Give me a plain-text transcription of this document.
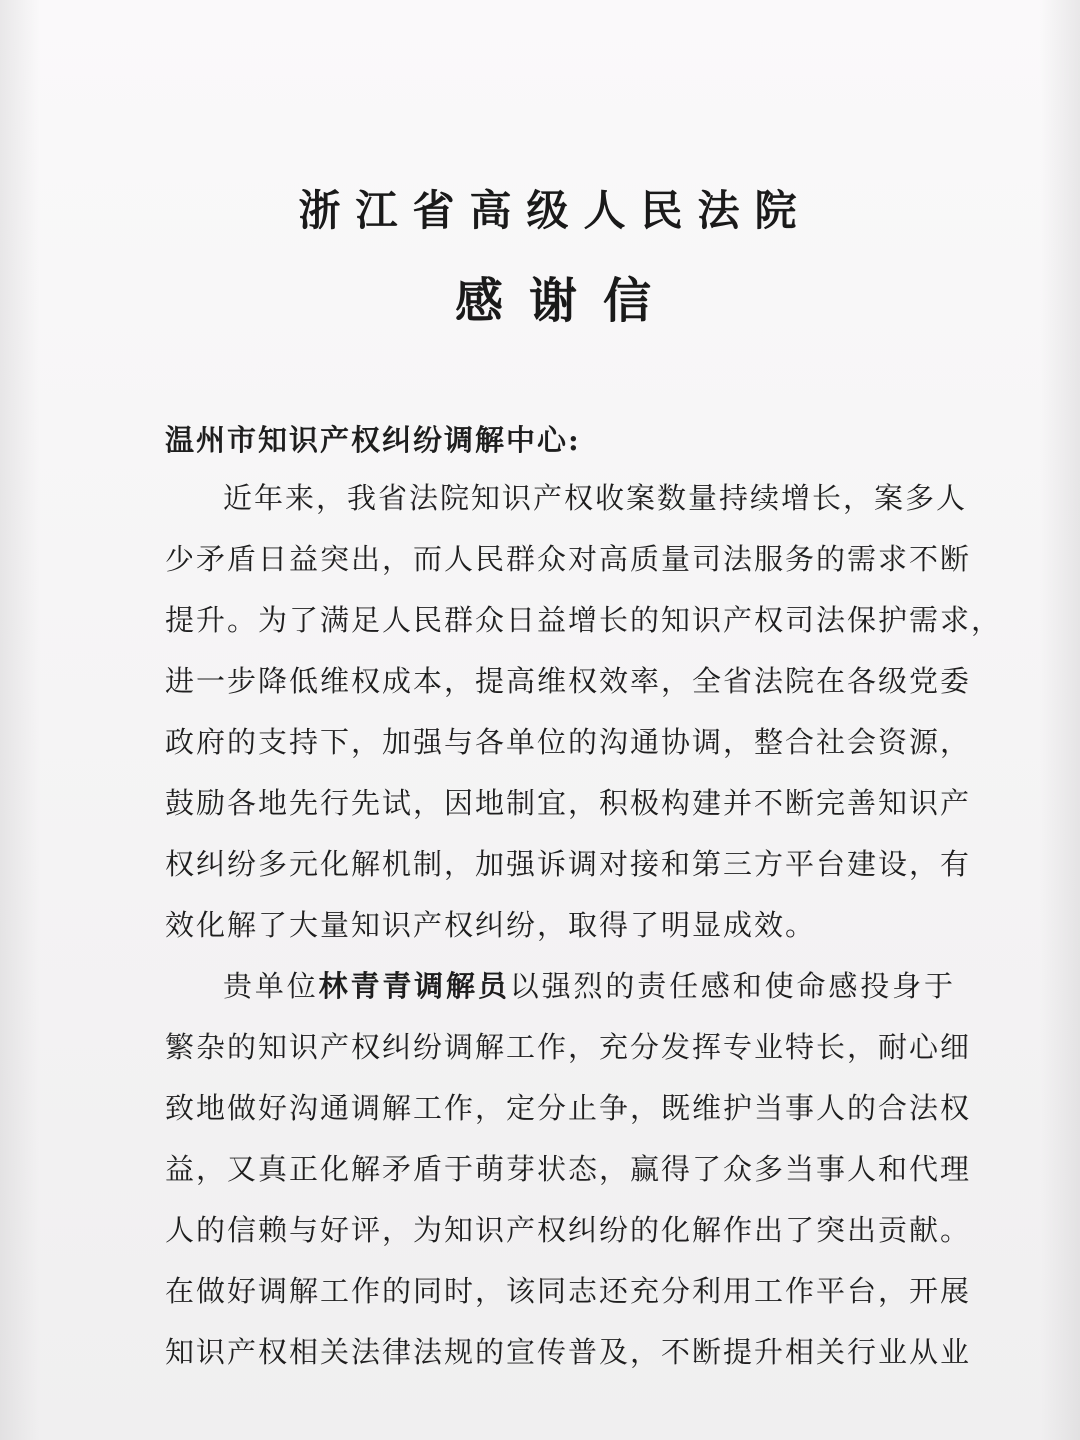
浙江省高级人民法院
感谢信

温州市知识产权纠纷调解中心:

近年来，我省法院知识产权收案数量持续增长，案多人
少矛盾日益突出，而人民群众对高质量司法服务的需求不断
提升。为了满足人民群众日益增长的知识产权司法保护需求，
进一步降低维权成本，提高维权效率，全省法院在各级党委
政府的支持下，加强与各单位的沟通协调，整合社会资源，
鼓励各地先行先试，因地制宜，积极构建并不断完善知识产
权纠纷多元化解机制，加强诉调对接和第三方平台建设，有
效化解了大量知识产权纠纷，取得了明显成效。
贵单位林青青调解员以强烈的责任感和使命感投身于
繁杂的知识产权纠纷调解工作，充分发挥专业特长，耐心细
致地做好沟通调解工作，定分止争，既维护当事人的合法权
益，又真正化解矛盾于萌芽状态，赢得了众多当事人和代理
人的信赖与好评，为知识产权纠纷的化解作出了突出贡献。
在做好调解工作的同时，该同志还充分利用工作平台，开展
知识产权相关法律法规的宣传普及，不断提升相关行业从业
